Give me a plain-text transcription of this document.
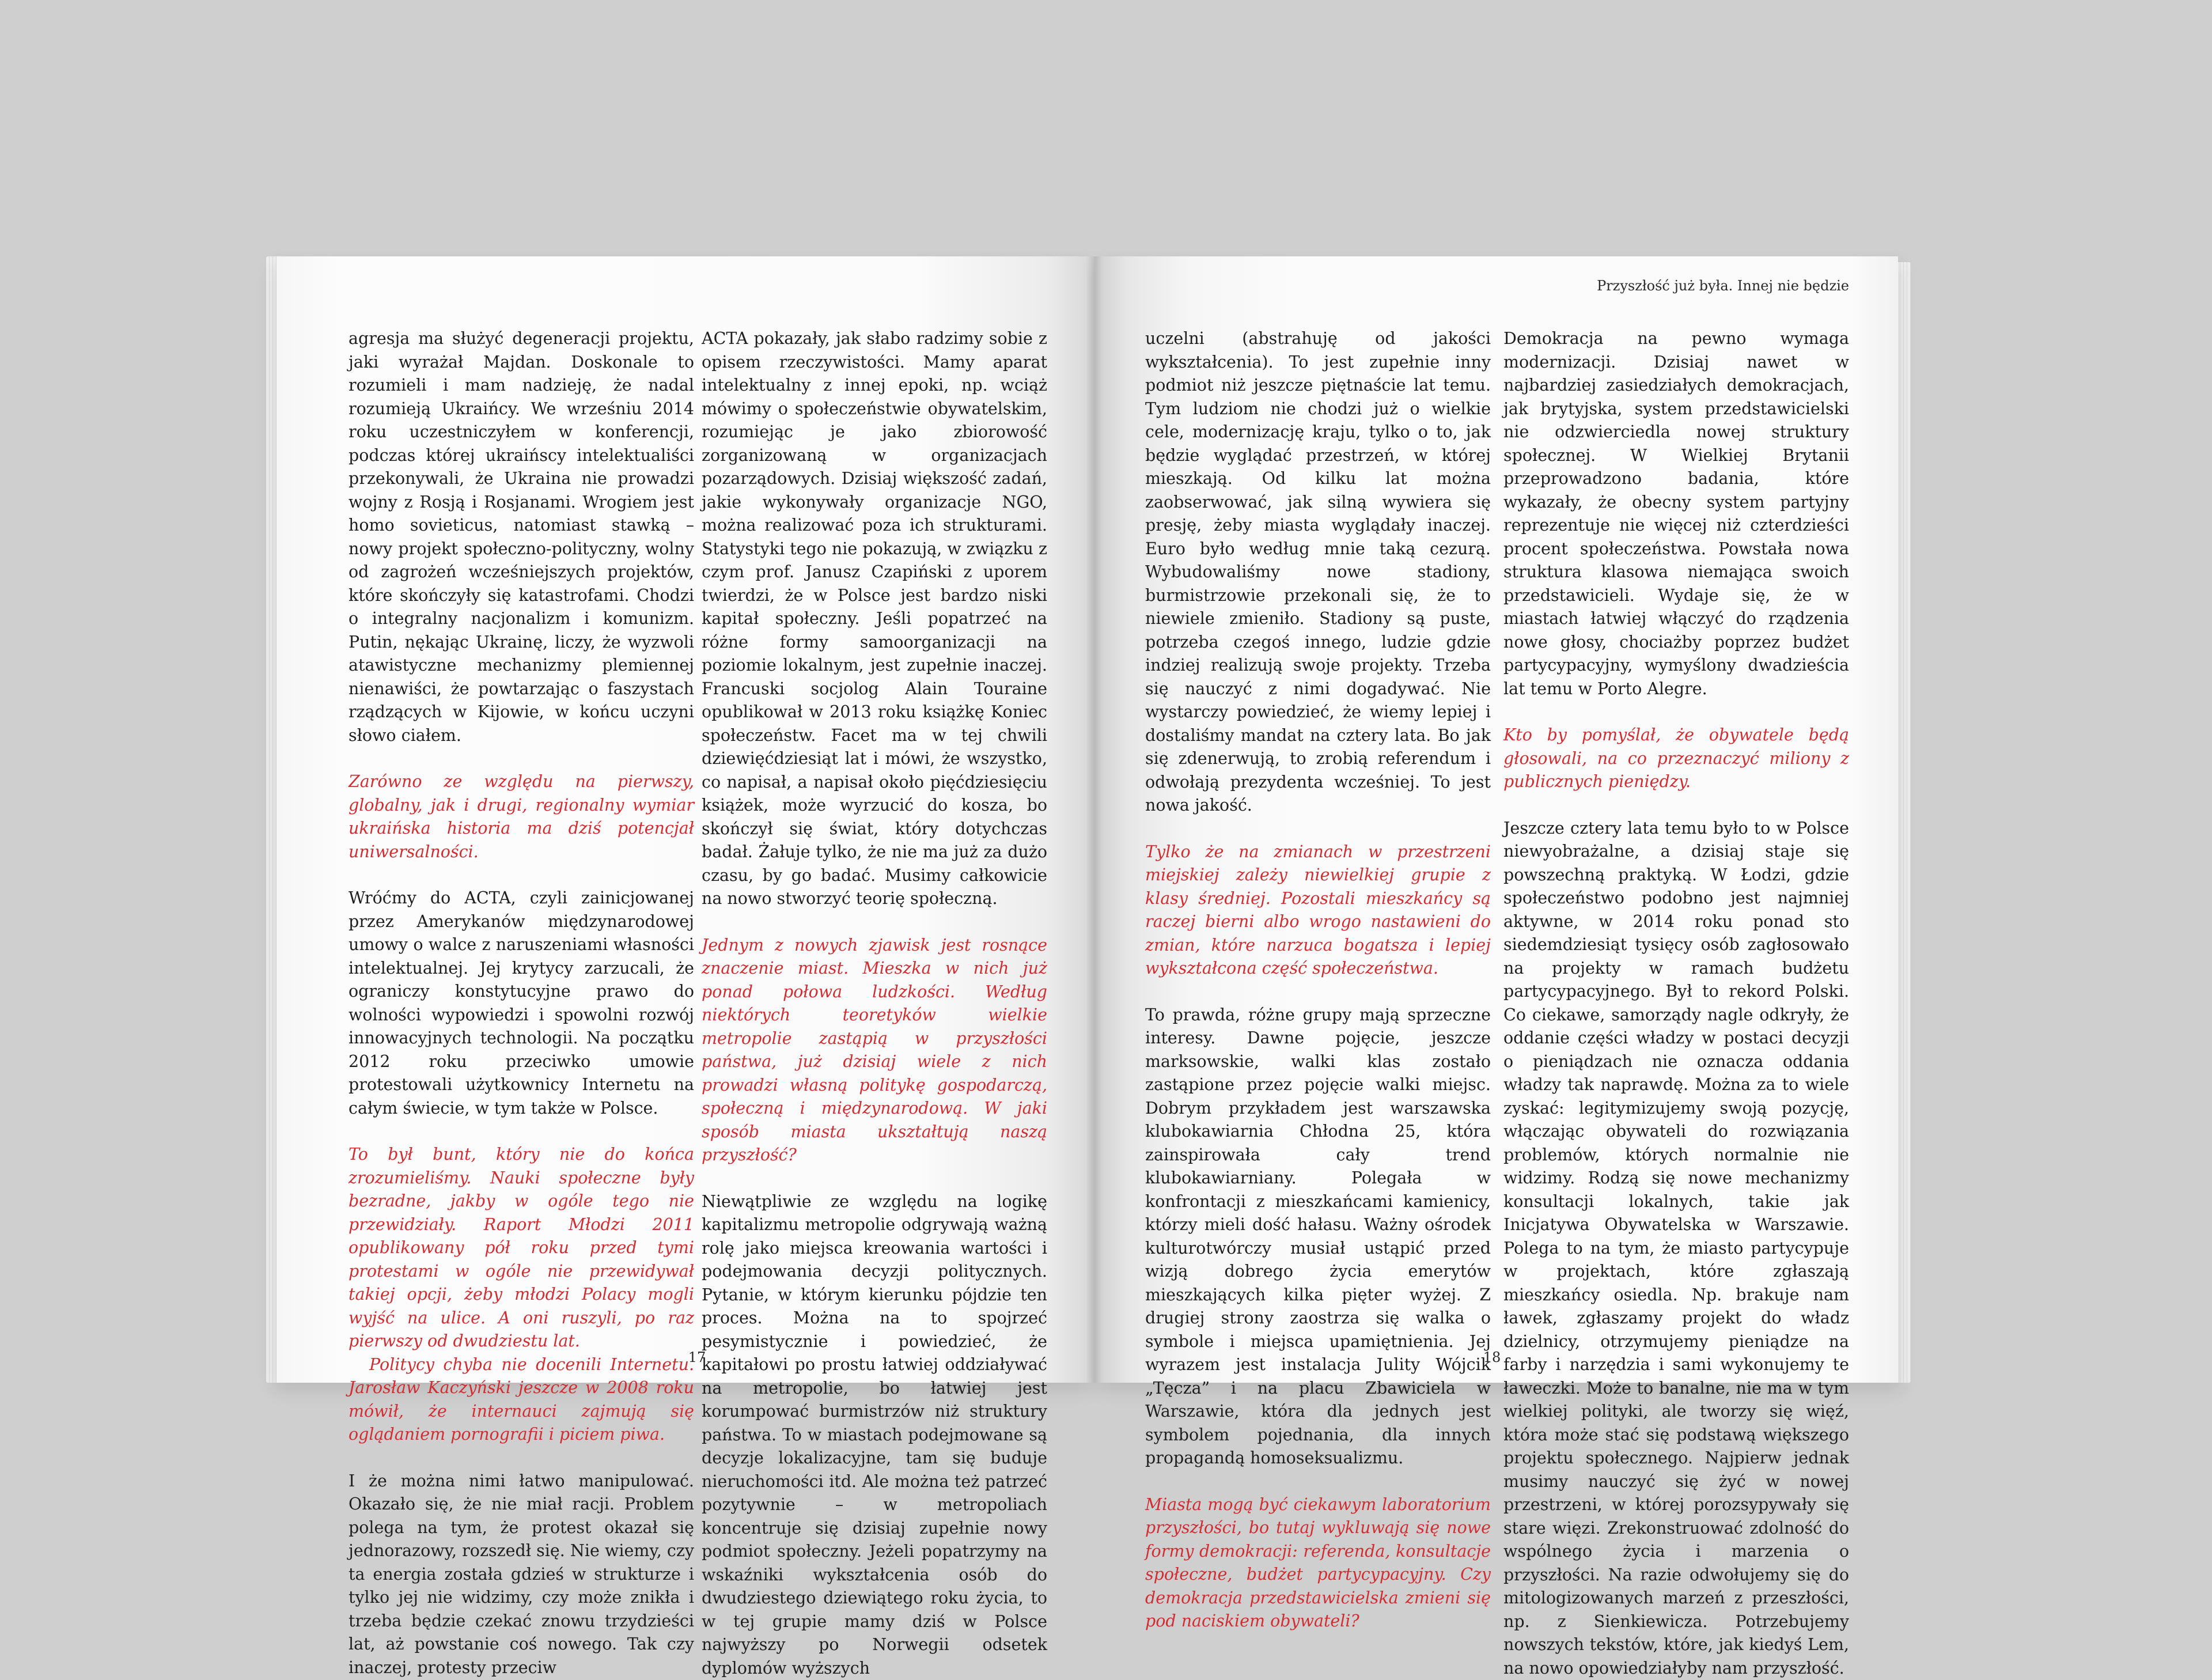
Przyszłość już była. Innej nie będzie

agresja ma służyć degeneracji projektu, jaki wyrażał Majdan. Doskonale to rozumieli i mam nadzieję, że nadal rozumieją Ukraińcy. We wrześniu 2014 roku uczestniczyłem w konferencji, podczas której ukraińscy intelektualiści przekonywali, że Ukraina nie prowadzi wojny z Rosją i Rosjanami. Wrogiem jest homo sovieticus, natomiast stawką – nowy projekt społeczno-polityczny, wolny od zagrożeń wcześniejszych projektów, które skończyły się katastrofami. Chodzi o integralny nacjonalizm i komunizm. Putin, nękając Ukrainę, liczy, że wyzwoli atawistyczne mechanizmy plemiennej nienawiści, że powtarzając o faszystach rządzących w Kijowie, w końcu uczyni słowo ciałem.

Zarówno ze względu na pierwszy, globalny, jak i drugi, regionalny wymiar ukraińska historia ma dziś potencjał uniwersalności.

Wróćmy do ACTA, czyli zainicjowanej przez Amerykanów międzynarodowej umowy o walce z naruszeniami własności intelektualnej. Jej krytycy zarzucali, że ograniczy konstytucyjne prawo do wolności wypowiedzi i spowolni rozwój innowacyjnych technologii. Na początku 2012 roku przeciwko umowie protestowali użytkownicy Internetu na całym świecie, w tym także w Polsce.

To był bunt, który nie do końca zrozumieliśmy. Nauki społeczne były bezradne, jakby w ogóle tego nie przewidziały. Raport Młodzi 2011 opublikowany pół roku przed tymi protestami w ogóle nie przewidywał takiej opcji, żeby młodzi Polacy mogli wyjść na ulice. A oni ruszyli, po raz pierwszy od dwudziestu lat.

Politycy chyba nie docenili Internetu. Jarosław Kaczyński jeszcze w 2008 roku mówił, że internauci zajmują się oglądaniem pornografii i piciem piwa.

I że można nimi łatwo manipulować. Okazało się, że nie miał racji. Problem polega na tym, że protest okazał się jednorazowy, rozszedł się. Nie wiemy, czy ta energia została gdzieś w strukturze i tylko jej nie widzimy, czy może znikła i trzeba będzie czekać znowu trzydzieści lat, aż powstanie coś nowego. Tak czy inaczej, protesty przeciw

ACTA pokazały, jak słabo radzimy sobie z opisem rzeczywistości. Mamy aparat intelektualny z innej epoki, np. wciąż mówimy o społeczeństwie obywatelskim, rozumiejąc je jako zbiorowość zorganizowaną w organizacjach pozarządowych. Dzisiaj większość zadań, jakie wykonywały organizacje NGO, można realizować poza ich strukturami. Statystyki tego nie pokazują, w związku z czym prof. Janusz Czapiński z uporem twierdzi, że w Polsce jest bardzo niski kapitał społeczny. Jeśli popatrzeć na różne formy samoorganizacji na poziomie lokalnym, jest zupełnie inaczej. Francuski socjolog Alain Touraine opublikował w 2013 roku książkę Koniec społeczeństw. Facet ma w tej chwili dziewięćdziesiąt lat i mówi, że wszystko, co napisał, a napisał około pięćdziesięciu książek, może wyrzucić do kosza, bo skończył się świat, który dotychczas badał. Żałuje tylko, że nie ma już za dużo czasu, by go badać. Musimy całkowicie na nowo stworzyć teorię społeczną.

Jednym z nowych zjawisk jest rosnące znaczenie miast. Mieszka w nich już ponad połowa ludzkości. Według niektórych teoretyków wielkie metropolie zastąpią w przyszłości państwa, już dzisiaj wiele z nich prowadzi własną politykę gospodarczą, społeczną i międzynarodową. W jaki sposób miasta ukształtują naszą przyszłość?

Niewątpliwie ze względu na logikę kapitalizmu metropolie odgrywają ważną rolę jako miejsca kreowania wartości i podejmowania decyzji politycznych. Pytanie, w którym kierunku pójdzie ten proces. Można na to spojrzeć pesymistycznie i powiedzieć, że kapitałowi po prostu łatwiej oddziaływać na metropolie, bo łatwiej jest korumpować burmistrzów niż struktury państwa. To w miastach podejmowane są decyzje lokalizacyjne, tam się buduje nieruchomości itd. Ale można też patrzeć pozytywnie – w metropoliach koncentruje się dzisiaj zupełnie nowy podmiot społeczny. Jeżeli popatrzymy na wskaźniki wykształcenia osób do dwudziestego dziewiątego roku życia, to w tej grupie mamy dziś w Polsce najwyższy po Norwegii odsetek dyplomów wyższych

uczelni (abstrahuję od jakości wykształcenia). To jest zupełnie inny podmiot niż jeszcze piętnaście lat temu. Tym ludziom nie chodzi już o wielkie cele, modernizację kraju, tylko o to, jak będzie wyglądać przestrzeń, w której mieszkają. Od kilku lat można zaobserwować, jak silną wywiera się presję, żeby miasta wyglądały inaczej. Euro było według mnie taką cezurą. Wybudowaliśmy nowe stadiony, burmistrzowie przekonali się, że to niewiele zmieniło. Stadiony są puste, potrzeba czegoś innego, ludzie gdzie indziej realizują swoje projekty. Trzeba się nauczyć z nimi dogadywać. Nie wystarczy powiedzieć, że wiemy lepiej i dostaliśmy mandat na cztery lata. Bo jak się zdenerwują, to zrobią referendum i odwołają prezydenta wcześniej. To jest nowa jakość.

Tylko że na zmianach w przestrzeni miejskiej zależy niewielkiej grupie z klasy średniej. Pozostali mieszkańcy są raczej bierni albo wrogo nastawieni do zmian, które narzuca bogatsza i lepiej wykształcona część społeczeństwa.

To prawda, różne grupy mają sprzeczne interesy. Dawne pojęcie, jeszcze marksowskie, walki klas zostało zastąpione przez pojęcie walki miejsc. Dobrym przykładem jest warszawska klubokawiarnia Chłodna 25, która zainspirowała cały trend klubokawiarniany. Polegała w konfrontacji z mieszkańcami kamienicy, którzy mieli dość hałasu. Ważny ośrodek kulturotwórczy musiał ustąpić przed wizją dobrego życia emerytów mieszkających kilka pięter wyżej. Z drugiej strony zaostrza się walka o symbole i miejsca upamiętnienia. Jej wyrazem jest instalacja Julity Wójcik „Tęcza” i na placu Zbawiciela w Warszawie, która dla jednych jest symbolem pojednania, dla innych propagandą homoseksualizmu.

Miasta mogą być ciekawym laboratorium przyszłości, bo tutaj wykluwają się nowe formy demokracji: referenda, konsultacje społeczne, budżet partycypacyjny. Czy demokracja przedstawicielska zmieni się pod naciskiem obywateli?

Demokracja na pewno wymaga modernizacji. Dzisiaj nawet w najbardziej zasiedziałych demokracjach, jak brytyjska, system przedstawicielski nie odzwierciedla nowej struktury społecznej. W Wielkiej Brytanii przeprowadzono badania, które wykazały, że obecny system partyjny reprezentuje nie więcej niż czterdzieści procent społeczeństwa. Powstała nowa struktura klasowa niemająca swoich przedstawicieli. Wydaje się, że w miastach łatwiej włączyć do rządzenia nowe głosy, chociażby poprzez budżet partycypacyjny, wymyślony dwadzieścia lat temu w Porto Alegre.

Kto by pomyślał, że obywatele będą głosowali, na co przeznaczyć miliony z publicznych pieniędzy.

Jeszcze cztery lata temu było to w Polsce niewyobrażalne, a dzisiaj staje się powszechną praktyką. W Łodzi, gdzie społeczeństwo podobno jest najmniej aktywne, w 2014 roku ponad sto siedemdziesiąt tysięcy osób zagłosowało na projekty w ramach budżetu partycypacyjnego. Był to rekord Polski. Co ciekawe, samorządy nagle odkryły, że oddanie części władzy w postaci decyzji o pieniądzach nie oznacza oddania władzy tak naprawdę. Można za to wiele zyskać: legitymizujemy swoją pozycję, włączając obywateli do rozwiązania problemów, których normalnie nie widzimy. Rodzą się nowe mechanizmy konsultacji lokalnych, takie jak Inicjatywa Obywatelska w Warszawie. Polega to na tym, że miasto partycypuje w projektach, które zgłaszają mieszkańcy osiedla. Np. brakuje nam ławek, zgłaszamy projekt do władz dzielnicy, otrzymujemy pieniądze na farby i narzędzia i sami wykonujemy te ławeczki. Może to banalne, nie ma w tym wielkiej polityki, ale tworzy się więź, która może stać się podstawą większego projektu społecznego. Najpierw jednak musimy nauczyć się żyć w nowej przestrzeni, w której porozsypywały się stare więzi. Zrekonstruować zdolność do wspólnego życia i marzenia o przyszłości. Na razie odwołujemy się do mitologizowanych marzeń z przeszłości, np. z Sienkiewicza. Potrzebujemy nowszych tekstów, które, jak kiedyś Lem, na nowo opowiedziałyby nam przyszłość.

17	18
